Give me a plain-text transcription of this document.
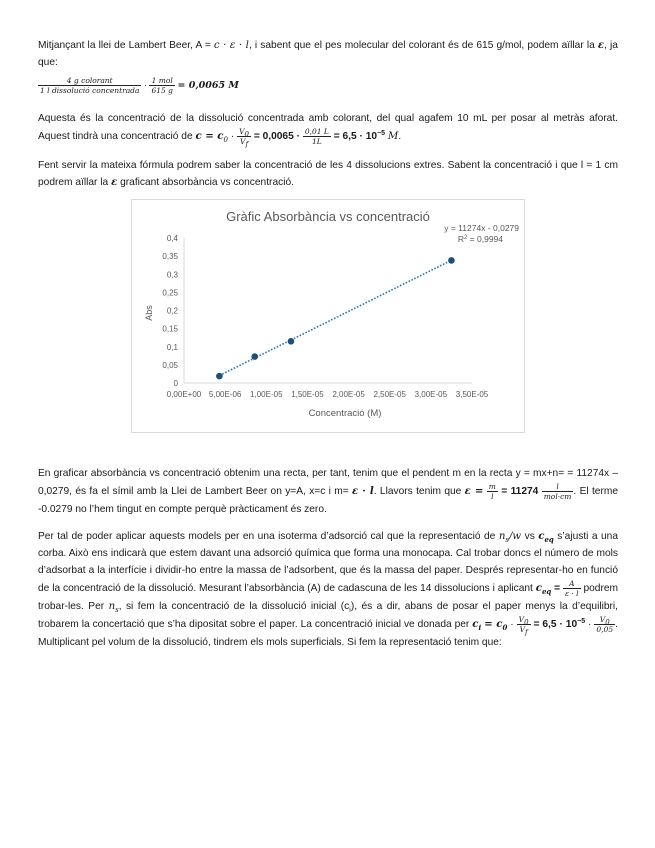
Mitjançant la llei de Lambert Beer, A = c · ε · l, i sabent que el pes molecular del colorant és de 615 g/mol, podem aïllar la ε, ja que:
$\frac{\text{4 g colorant}}{\text{1 l dissolució concentrada}} \cdot \frac{\text{1 mol}}{615 g} = 0,0065$ M
Aquesta és la concentració de la dissolució concentrada amb colorant, del qual agafem 10 mL per posar al metràs aforat. Aquest tindrà una concentració de $c = c_0 \cdot \frac{V_0}{V_f} = 0,0065 \cdot \frac{0,01 L}{1L} = 6,5 \cdot 10^{-5}$ M.
Fent servir la mateixa fórmula podrem saber la concentració de les 4 dissolucions extres. Sabent la concentració i que l = 1 cm podrem aïllar la ε graficant absorbància vs concentració.
Gràfic Absorbància vs concentració
y = 11274x - 0,0279
$R^2 = 0,9994$
Abs
Concentració (M)
0
0,05
0,1
0,15
0,2
0,25
0,3
0,35
0,4
0,00E+00 5,00E-06 1,00E-05 1,50E-05 2,00E-05 2,50E-05 3,00E-05 3,50E-05
En graficar absorbància vs concentració obtenim una recta, per tant, tenim que el pendent m en la recta y = mx+n= = 11274x – 0,0279, és fa el símil amb la Llei de Lambert Beer on y=A, x=c i m= ε · l. Llavors tenim que $\varepsilon = \frac{m}{l} = 11274 \frac{l}{\text{mol·cm}}$ . El terme -0.0279 no l’hem tingut en compte perquè pràcticament és zero.
Per tal de poder aplicar aquests models per en una isoterma d’adsorció cal que la representació de $n_s/w$ vs $c_{eq}$ s’ajusti a una corba. Això ens indicarà que estem davant una adsorció química que forma una monocapa. Cal trobar doncs el número de mols d’adsorbat a la interfície i dividir-ho entre la massa de l’adsorbent, que és la massa del paper. Després representar-ho en funció de la concentració de la dissolució. Mesurant l’absorbància (A) de cadascuna de les 14 dissolucions i aplicant $c_{eq} = \frac{A}{\varepsilon \cdot l}$ podrem trobar-les. Per $n_s$, si fem la concentració de la dissolució inicial $(c_i)$, és a dir, abans de posar el paper menys la d’equilibri, trobarem la concertació que s’ha dipositat sobre el paper. La concentració inicial ve donada per $c_i = c_0 \cdot \frac{V_0}{V_f} = 6,5 \cdot 10^{-5} \cdot \frac{V_0}{0,05}$ . Multiplicant pel volum de la dissolució, tindrem els mols superficials. Si fem la representació tenim que:
